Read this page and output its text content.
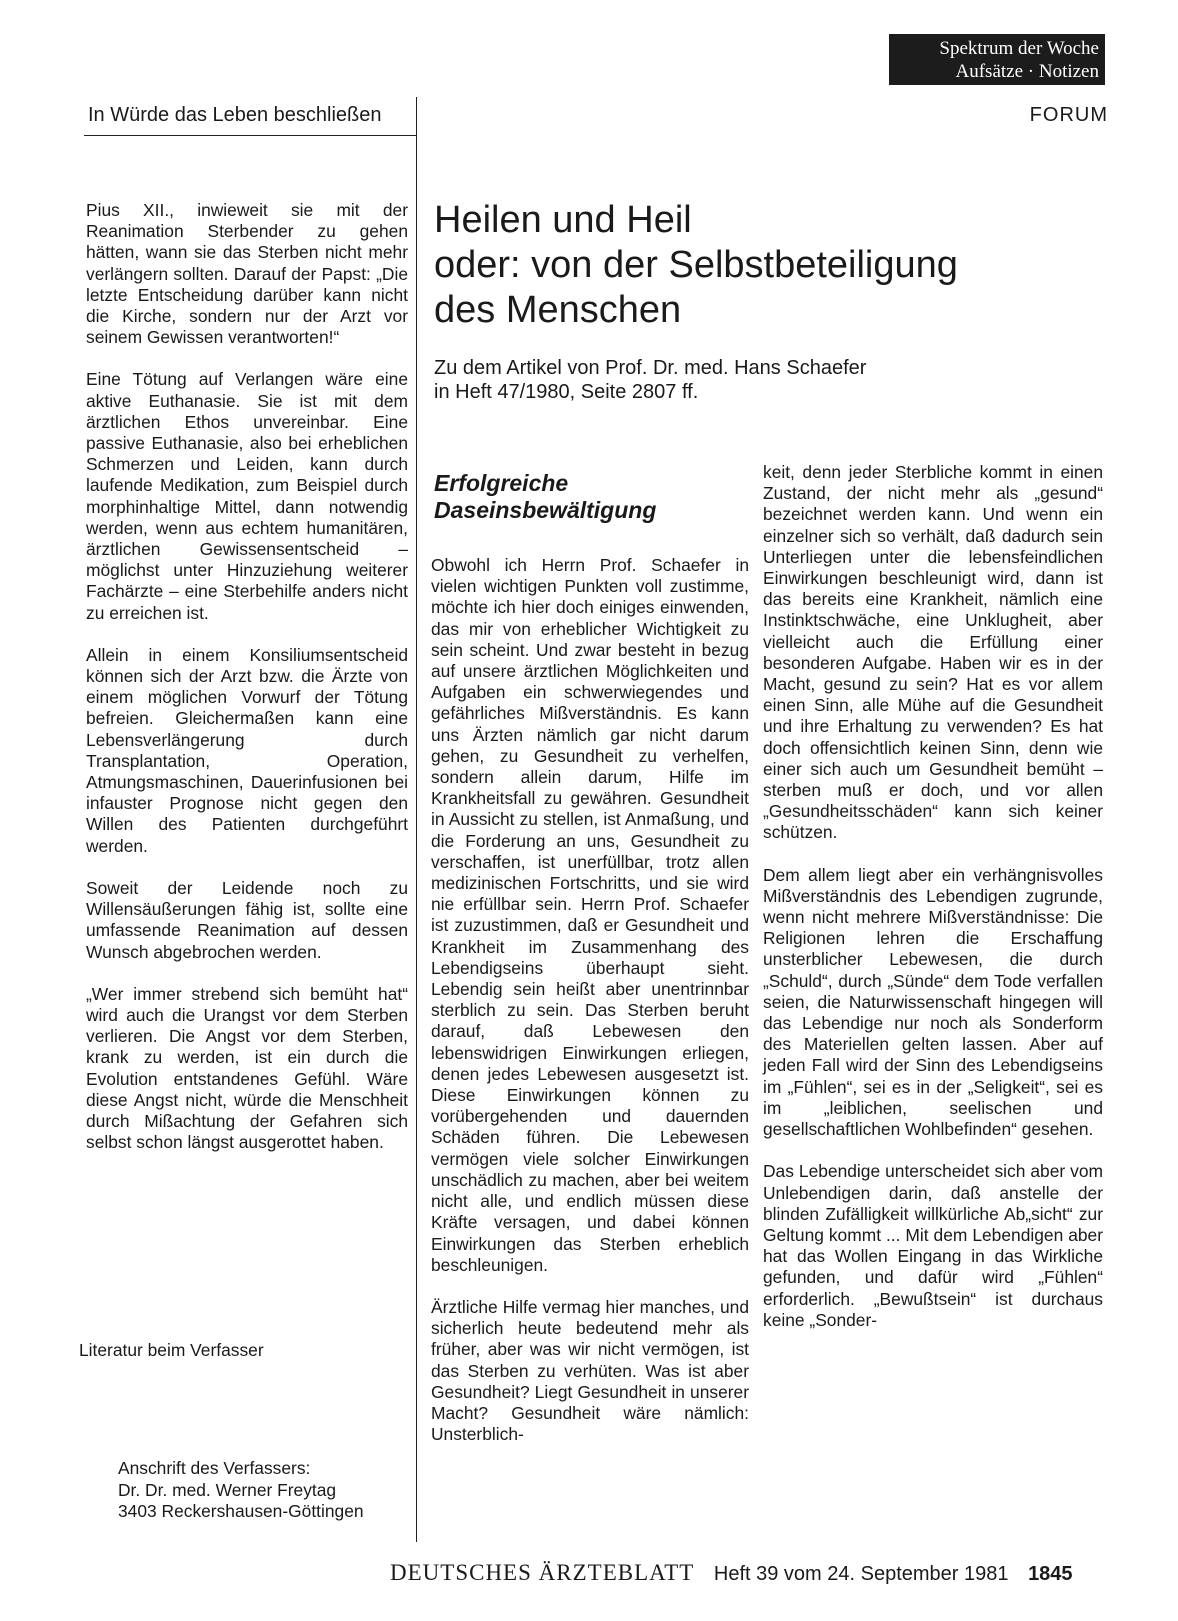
Spektrum der Woche
Aufsätze · Notizen
In Würde das Leben beschließen	FORUM

Pius XII., inwieweit sie mit der Reanimation Sterbender zu gehen hätten, wann sie das Sterben nicht mehr verlängern sollten. Darauf der Papst: „Die letzte Entscheidung darüber kann nicht die Kirche, sondern nur der Arzt vor seinem Gewissen verantworten!“

Eine Tötung auf Verlangen wäre eine aktive Euthanasie. Sie ist mit dem ärztlichen Ethos unvereinbar. Eine passive Euthanasie, also bei erheblichen Schmerzen und Leiden, kann durch laufende Medikation, zum Beispiel durch morphinhaltige Mittel, dann notwendig werden, wenn aus echtem humanitären, ärztlichen Gewissensentscheid – möglichst unter Hinzuziehung weiterer Fachärzte – eine Sterbehilfe anders nicht zu erreichen ist.

Allein in einem Konsiliumsentscheid können sich der Arzt bzw. die Ärzte von einem möglichen Vorwurf der Tötung befreien. Gleichermaßen kann eine Lebensverlängerung durch Transplantation, Operation, Atmungsmaschinen, Dauerinfusionen bei infauster Prognose nicht gegen den Willen des Patienten durchgeführt werden.

Soweit der Leidende noch zu Willensäußerungen fähig ist, sollte eine umfassende Reanimation auf dessen Wunsch abgebrochen werden.

„Wer immer strebend sich bemüht hat“ wird auch die Urangst vor dem Sterben verlieren. Die Angst vor dem Sterben, krank zu werden, ist ein durch die Evolution entstandenes Gefühl. Wäre diese Angst nicht, würde die Menschheit durch Mißachtung der Gefahren sich selbst schon längst ausgerottet haben.

Literatur beim Verfasser
Anschrift des Verfassers:
Dr. Dr. med. Werner Freytag
3403 Reckershausen-Göttingen
Heilen und Heil
oder: von der Selbstbeteiligung
des Menschen
Zu dem Artikel von Prof. Dr. med. Hans Schaefer
in Heft 47/1980, Seite 2807 ff.
Erfolgreiche
Daseinsbewältigung

Obwohl ich Herrn Prof. Schaefer in vielen wichtigen Punkten voll zustimme, möchte ich hier doch einiges einwenden, das mir von erheblicher Wichtigkeit zu sein scheint. Und zwar besteht in bezug auf unsere ärztlichen Möglichkeiten und Aufgaben ein schwerwiegendes und gefährliches Mißverständnis. Es kann uns Ärzten nämlich gar nicht darum gehen, zu Gesundheit zu verhelfen, sondern allein darum, Hilfe im Krankheitsfall zu gewähren. Gesundheit in Aussicht zu stellen, ist Anmaßung, und die Forderung an uns, Gesundheit zu verschaffen, ist unerfüllbar, trotz allen medizinischen Fortschritts, und sie wird nie erfüllbar sein. Herrn Prof. Schaefer ist zuzustimmen, daß er Gesundheit und Krankheit im Zusammenhang des Lebendigseins überhaupt sieht. Lebendig sein heißt aber unentrinnbar sterblich zu sein. Das Sterben beruht darauf, daß Lebewesen den lebenswidrigen Einwirkungen erliegen, denen jedes Lebewesen ausgesetzt ist. Diese Einwirkungen können zu vorübergehenden und dauernden Schäden führen. Die Lebewesen vermögen viele solcher Einwirkungen unschädlich zu machen, aber bei weitem nicht alle, und endlich müssen diese Kräfte versagen, und dabei können Einwirkungen das Sterben erheblich beschleunigen.

Ärztliche Hilfe vermag hier manches, und sicherlich heute bedeutend mehr als früher, aber was wir nicht vermögen, ist das Sterben zu verhüten. Was ist aber Gesundheit? Liegt Gesundheit in unserer Macht? Gesundheit wäre nämlich: Unsterblich-

keit, denn jeder Sterbliche kommt in einen Zustand, der nicht mehr als „gesund“ bezeichnet werden kann. Und wenn ein einzelner sich so verhält, daß dadurch sein Unterliegen unter die lebensfeindlichen Einwirkungen beschleunigt wird, dann ist das bereits eine Krankheit, nämlich eine Instinktschwäche, eine Unklugheit, aber vielleicht auch die Erfüllung einer besonderen Aufgabe. Haben wir es in der Macht, gesund zu sein? Hat es vor allem einen Sinn, alle Mühe auf die Gesundheit und ihre Erhaltung zu verwenden? Es hat doch offensichtlich keinen Sinn, denn wie einer sich auch um Gesundheit bemüht – sterben muß er doch, und vor allen „Gesundheitsschäden“ kann sich keiner schützen.

Dem allem liegt aber ein verhängnisvolles Mißverständnis des Lebendigen zugrunde, wenn nicht mehrere Mißverständnisse: Die Religionen lehren die Erschaffung unsterblicher Lebewesen, die durch „Schuld“, durch „Sünde“ dem Tode verfallen seien, die Naturwissenschaft hingegen will das Lebendige nur noch als Sonderform des Materiellen gelten lassen. Aber auf jeden Fall wird der Sinn des Lebendigseins im „Fühlen“, sei es in der „Seligkeit“, sei es im „leiblichen, seelischen und gesellschaftlichen Wohlbefinden“ gesehen.

Das Lebendige unterscheidet sich aber vom Unlebendigen darin, daß anstelle der blinden Zufälligkeit willkürliche Ab„sicht“ zur Geltung kommt ... Mit dem Lebendigen aber hat das Wollen Eingang in das Wirkliche gefunden, und dafür wird „Fühlen“ erforderlich. „Bewußtsein“ ist durchaus keine „Sonder-

DEUTSCHES ÄRZTEBLATT Heft 39 vom 24. September 1981 1845
